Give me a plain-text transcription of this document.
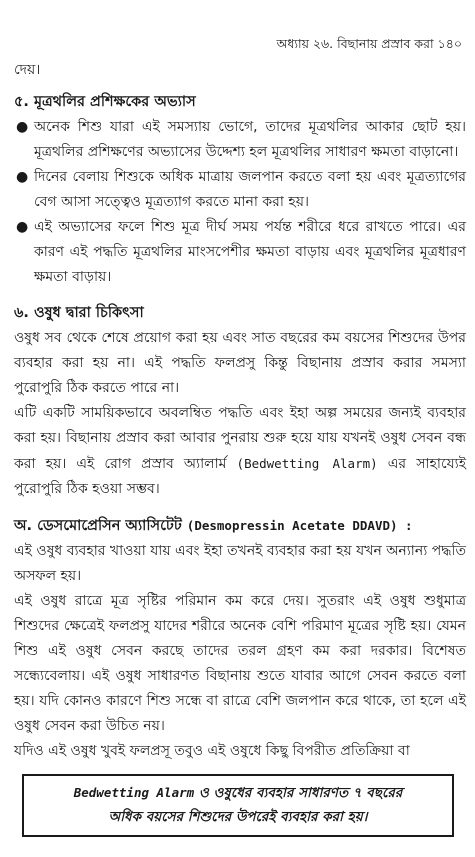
অধ্যায় ২৬. বিছানায় প্রস্রাব করা ১৪০

দেয়।

৫. মূত্রথলির প্রশিক্ষকের অভ্যাস
● অনেক শিশু যারা এই সমস্যায় ভোগে, তাদের মূত্রথলির আকার ছোট হয়। মূত্রথলির প্রশিক্ষণের অভ্যাসের উদ্দেশ্য হল মূত্রথলির সাধারণ ক্ষমতা বাড়ানো।
● দিনের বেলায় শিশুকে অধিক মাত্রায় জলপান করতে বলা হয় এবং মূত্রত্যাগের বেগ আসা সত্ত্বেও মূত্রত্যাগ করতে মানা করা হয়।
● এই অভ্যাসের ফলে শিশু মূত্র দীর্ঘ সময় পর্যন্ত শরীরে ধরে রাখতে পারে। এর কারণ এই পদ্ধতি মূত্রথলির মাংসপেশীর ক্ষমতা বাড়ায় এবং মূত্রথলির মূত্রধারণ ক্ষমতা বাড়ায়।
৬. ওষুধ দ্বারা চিকিৎসা

ওষুধ সব থেকে শেষে প্রয়োগ করা হয় এবং সাত বছরের কম বয়সের শিশুদের উপর ব্যবহার করা হয় না। এই পদ্ধতি ফলপ্রসু কিন্তু বিছানায় প্রস্রাব করার সমস্যা পুরোপুরি ঠিক করতে পারে না।

এটি একটি সাময়িকভাবে অবলম্বিত পদ্ধতি এবং ইহা অল্প সময়ের জন্যই ব্যবহার করা হয়। বিছানায় প্রস্রাব করা আবার পুনরায় শুরু হয়ে যায় যখনই ওষুধ সেবন বন্ধ করা হয়। এই রোগ প্রস্রাব অ্যালার্ম (Bedwetting Alarm) এর সাহায্যেই পুরোপুরি ঠিক হওয়া সম্ভব।

অ. ডেসমোপ্রেসিন অ্যাসিটেট (Desmopressin Acetate DDAVD) :

এই ওষুধ ব্যবহার খাওয়া যায় এবং ইহা তখনই ব্যবহার করা হয় যখন অন্যান্য পদ্ধতি অসফল হয়।

এই ওষুধ রাত্রে মূত্র সৃষ্টির পরিমান কম করে দেয়। সুতরাং এই ওষুধ শুধুমাত্র শিশুদের ক্ষেত্রেই ফলপ্রসু যাদের শরীরে অনেক বেশি পরিমাণ মূত্রের সৃষ্টি হয়। যেমন শিশু এই ওষুধ সেবন করছে তাদের তরল গ্রহণ কম করা দরকার। বিশেষত সন্ধ্যেবেলায়। এই ওষুধ সাধারণত বিছানায় শুতে যাবার আগে সেবন করতে বলা হয়। যদি কোনও কারণে শিশু সন্ধে বা রাত্রে বেশি জলপান করে থাকে, তা হলে এই ওষুধ সেবন করা উচিত নয়।

যদিও এই ওষুধ খুবই ফলপ্রসূ তবুও এই ওষুধে কিছু বিপরীত প্রতিক্রিয়া বা

Bedwetting Alarm ও ওষুধের ব্যবহার সাধারণত ৭ বছরের
অধিক বয়সের শিশুদের উপরেই ব্যবহার করা হয়।
